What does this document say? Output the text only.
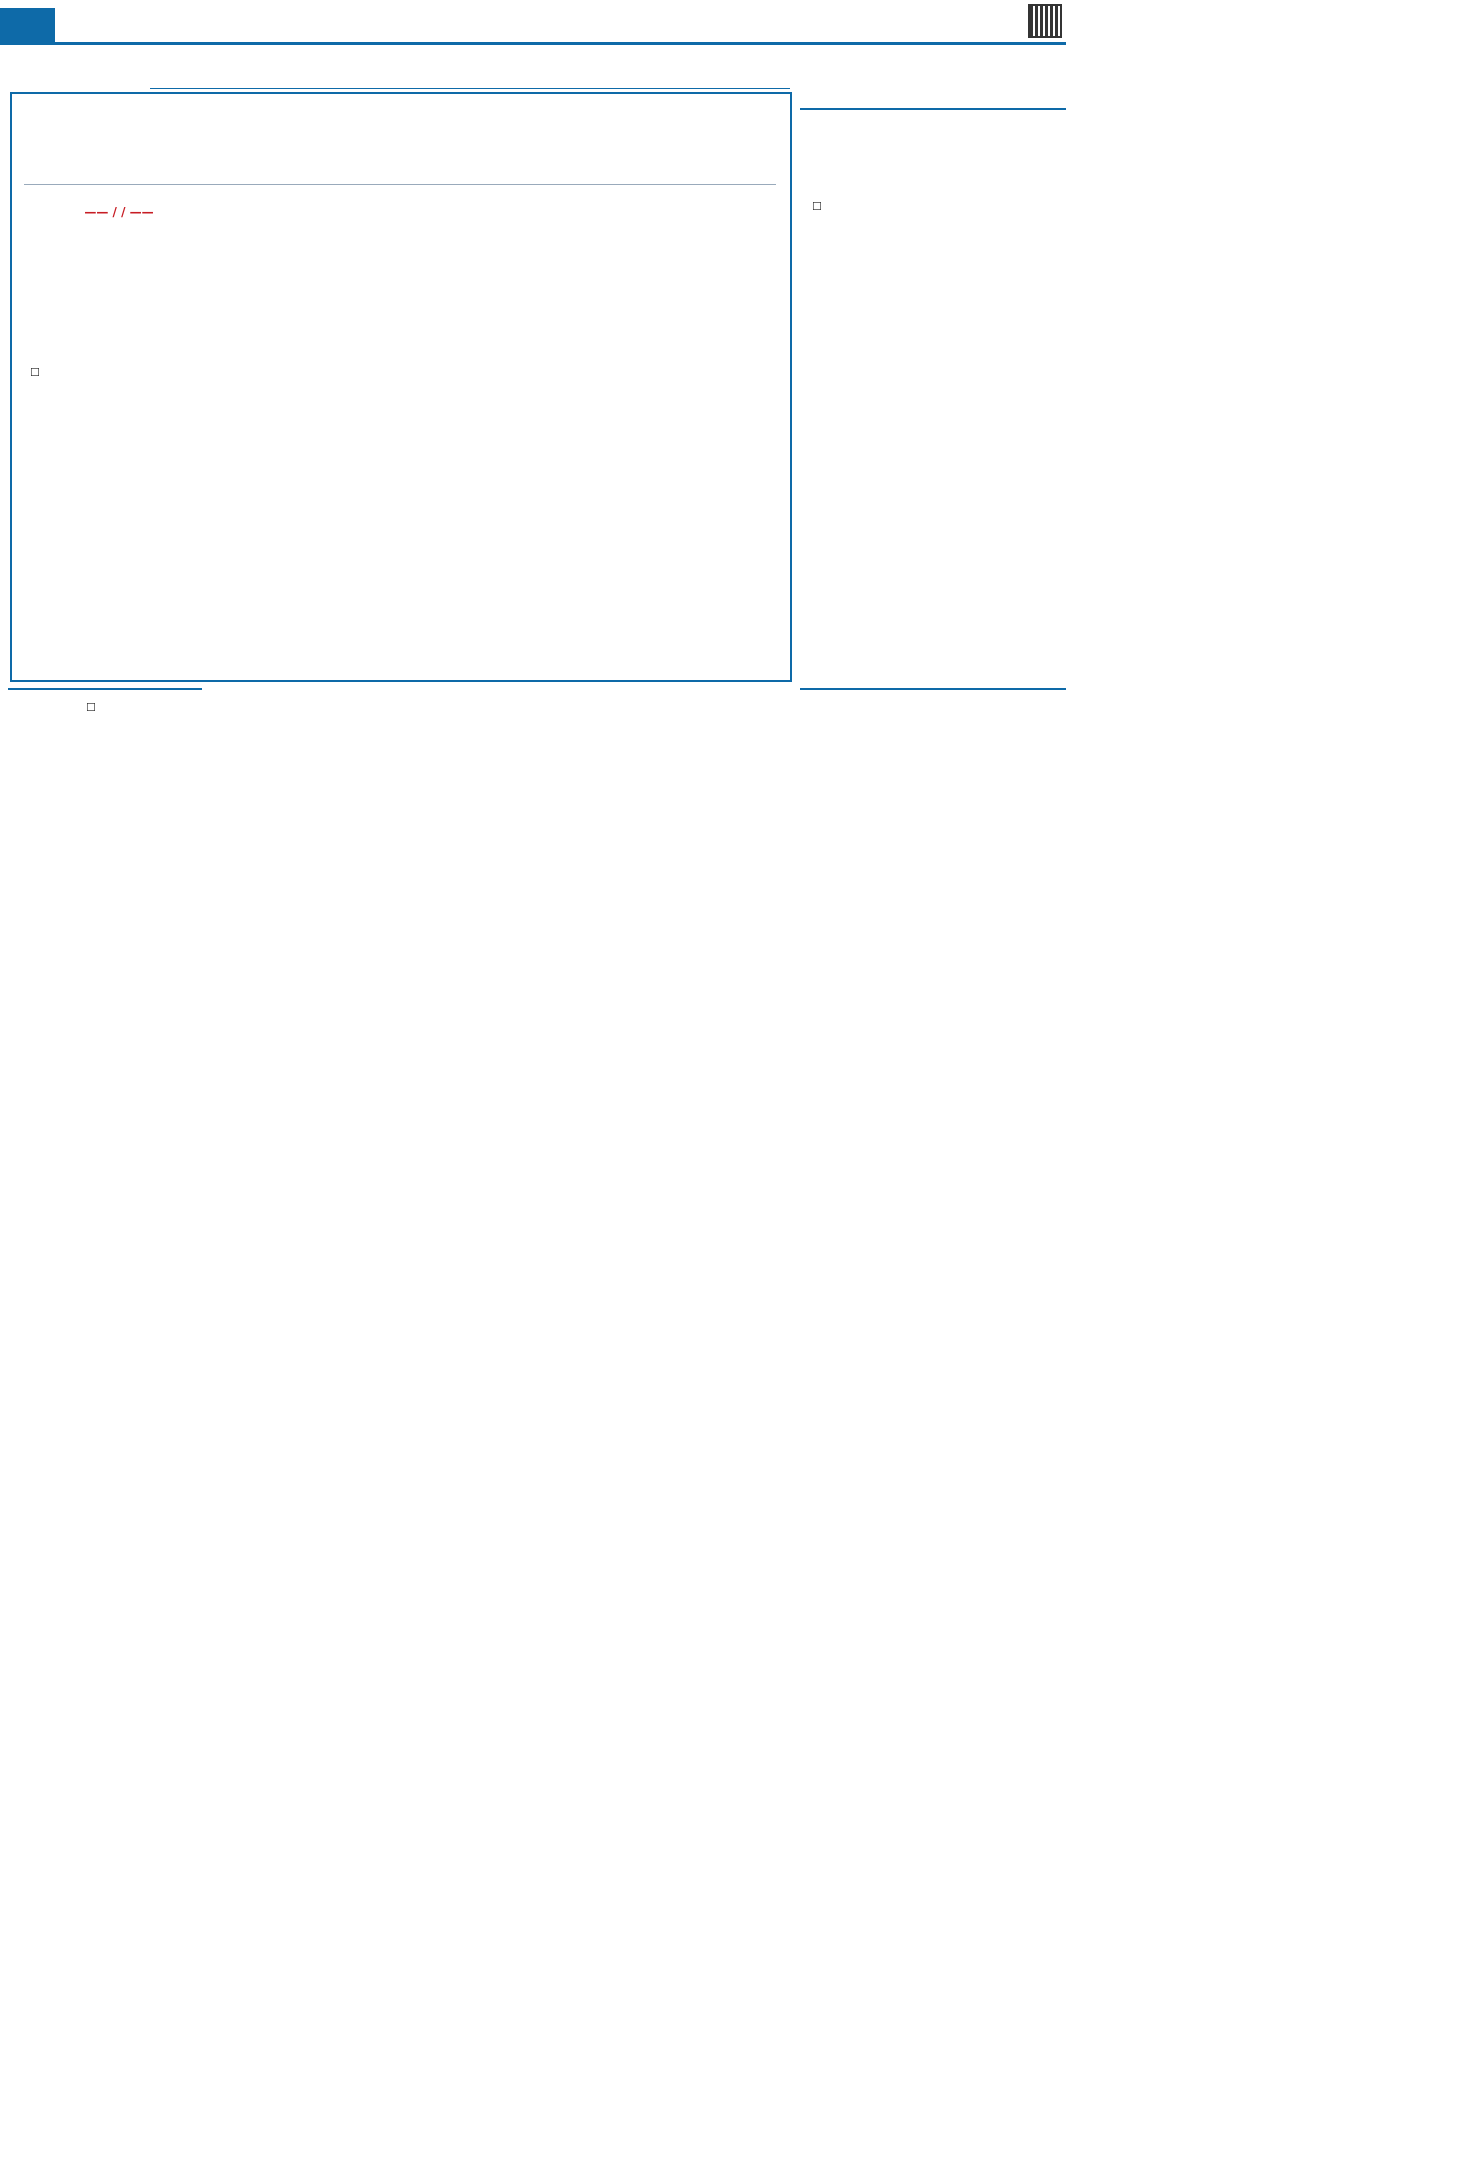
—— / / ——
☐
☐
☐
